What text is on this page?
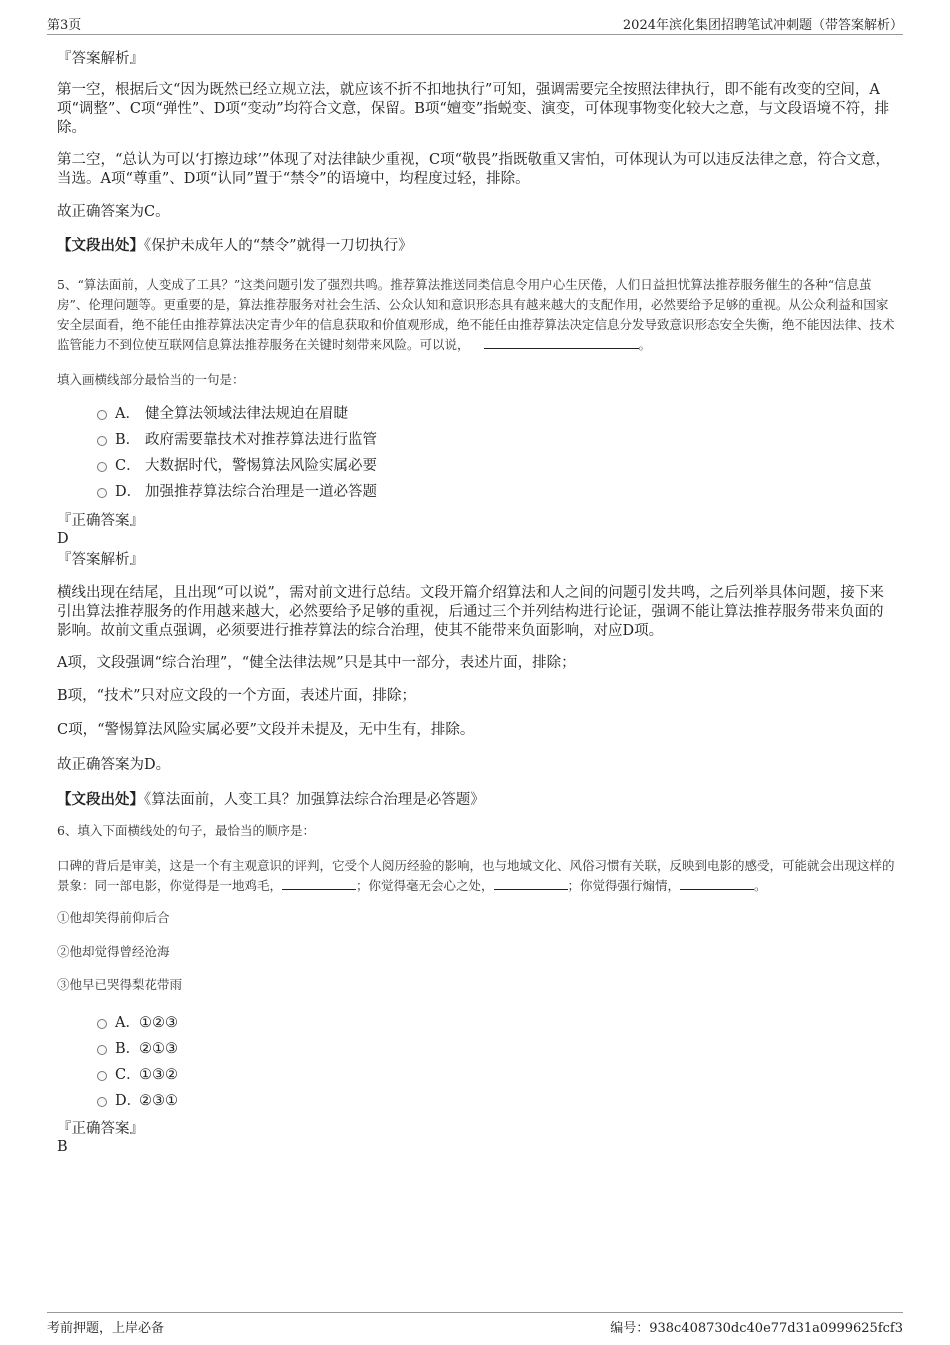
第3页	2024年滨化集团招聘笔试冲刺题（带答案解析）
『答案解析』
第一空，根据后文“因为既然已经立规立法，就应该不折不扣地执行”可知，强调需要完全按照法律执行，即不能有改变的空间，A项“调整”、C项“弹性”、D项“变动”均符合文意，保留。B项“嬗变”指蜕变、演变，可体现事物变化较大之意，与文段语境不符，排除。
第二空，“总认为可以‘打擦边球’”体现了对法律缺少重视，C项“敬畏”指既敬重又害怕，可体现认为可以违反法律之意，符合文意，当选。A项“尊重”、D项“认同”置于“禁令”的语境中，均程度过轻，排除。
故正确答案为C。
【文段出处】《保护未成年人的“禁令”就得一刀切执行》
5、“算法面前，人变成了工具？”这类问题引发了强烈共鸣。推荐算法推送同类信息令用户心生厌倦，人们日益担忧算法推荐服务催生的各种“信息茧房”、伦理问题等。更重要的是，算法推荐服务对社会生活、公众认知和意识形态具有越来越大的支配作用，必然要给予足够的重视。从公众利益和国家安全层面看，绝不能任由推荐算法决定青少年的信息获取和价值观形成，绝不能任由推荐算法决定信息分发导致意识形态安全失衡，绝不能因法律、技术监管能力不到位使互联网信息算法推荐服务在关键时刻带来风险。可以说，	。
填入画横线部分最恰当的一句是：
A． 健全算法领域法律法规迫在眉睫
B． 政府需要靠技术对推荐算法进行监管
C． 大数据时代，警惕算法风险实属必要
D． 加强推荐算法综合治理是一道必答题
『正确答案』
D
『答案解析』
横线出现在结尾，且出现“可以说”，需对前文进行总结。文段开篇介绍算法和人之间的问题引发共鸣，之后列举具体问题，接下来引出算法推荐服务的作用越来越大，必然要给予足够的重视，后通过三个并列结构进行论证，强调不能让算法推荐服务带来负面的影响。故前文重点强调，必须要进行推荐算法的综合治理，使其不能带来负面影响，对应D项。
A项，文段强调“综合治理”，“健全法律法规”只是其中一部分，表述片面，排除；
B项，“技术”只对应文段的一个方面，表述片面，排除；
C项，“警惕算法风险实属必要”文段并未提及，无中生有，排除。
故正确答案为D。
【文段出处】《算法面前，人变工具？加强算法综合治理是必答题》
6、填入下面横线处的句子，最恰当的顺序是：
口碑的背后是审美，这是一个有主观意识的评判，它受个人阅历经验的影响，也与地域文化、风俗习惯有关联，反映到电影的感受，可能就会出现这样的景象：同一部电影，你觉得是一地鸡毛，	；你觉得毫无会心之处，	；你觉得强行煽情，	。
①他却笑得前仰后合
②他却觉得曾经沧海
③他早已哭得梨花带雨
A． ①②③
B．
②①③
C．
①③②
D．
②③①
『正确答案』
B
考前押题，上岸必备	编号：938c408730dc40e77d31a0999625fcf3
